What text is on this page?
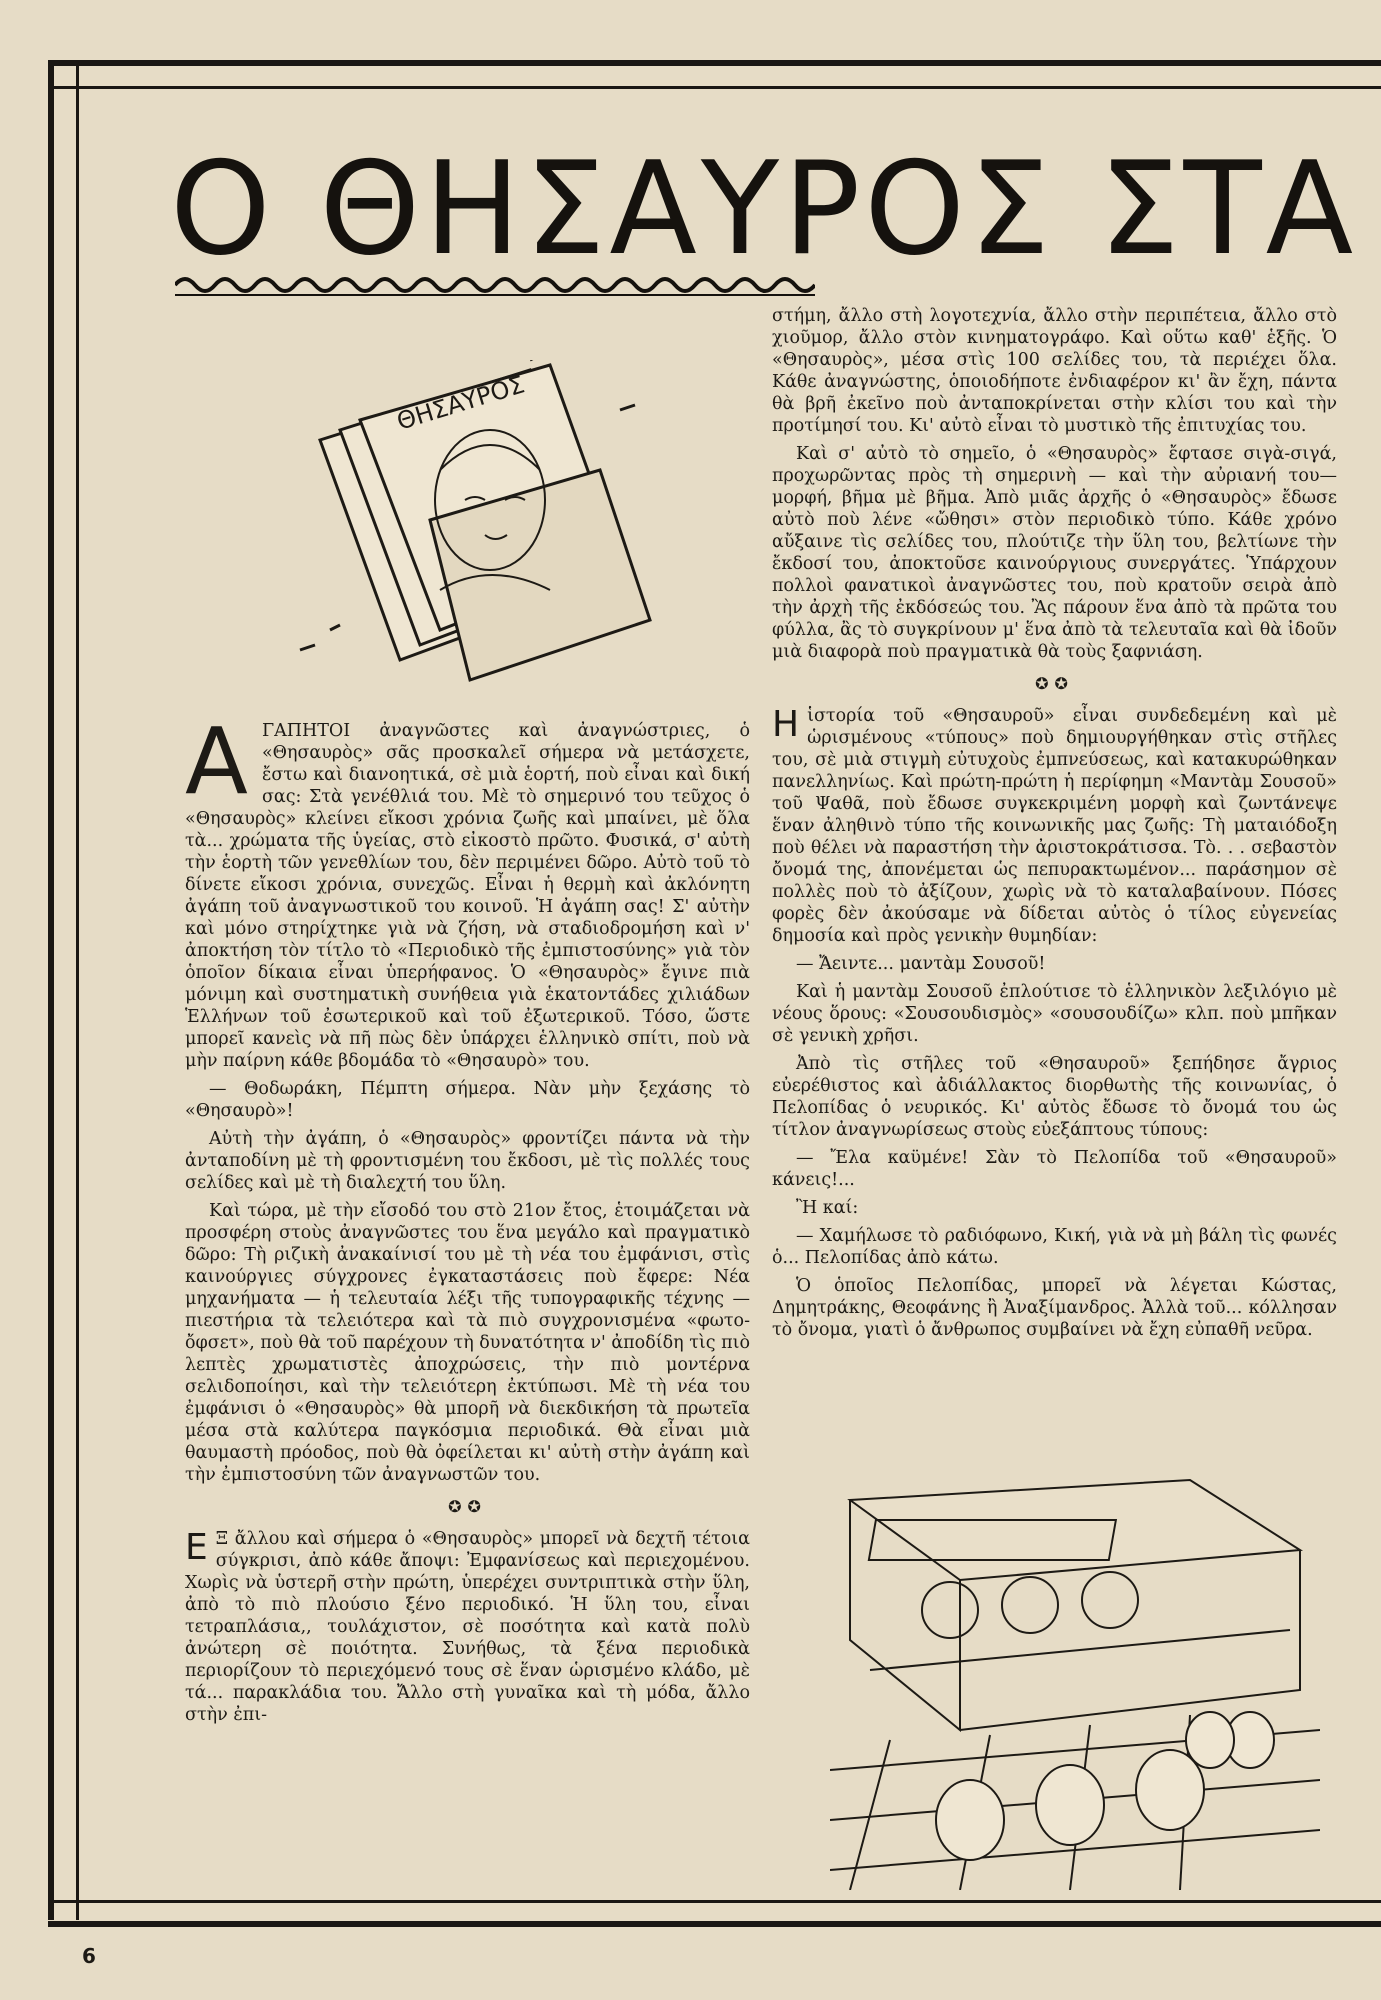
Ο ΘΗΣΑΥΡΟΣ ΣΤΑ
ΘΗΣΑΥΡΟΣ
Α ΓΑΠΗΤΟΙ ἀναγνῶστες καὶ ἀναγνώστριες, ὁ «Θησαυρὸς» σᾶς προσκαλεῖ σήμερα νὰ μετάσχετε, ἔστω καὶ διανοητικά, σὲ μιὰ ἑορτή, ποὺ εἶναι καὶ δική σας: Στὰ γενέθλιά του. Μὲ τὸ σημερινό του τεῦχος ὁ «Θησαυρὸς» κλείνει εἴκοσι χρόνια ζωῆς καὶ μπαίνει, μὲ ὅλα τὰ... χρώματα τῆς ὑγείας, στὸ εἰκοστὸ πρῶτο. Φυσικά, σ' αὐτὴ τὴν ἑορτὴ τῶν γενεθλίων του, δὲν περιμένει δῶρο. Αὐτὸ τοῦ τὸ δίνετε εἴκοσι χρόνια, συνεχῶς. Εἶναι ἡ θερμὴ καὶ ἀκλόνητη ἀγάπη τοῦ ἀναγνωστικοῦ του κοινοῦ. Ἡ ἀγάπη σας! Σ' αὐτὴν καὶ μόνο στηρίχτηκε γιὰ νὰ ζήση, νὰ σταδιοδρομήση καὶ ν' ἀποκτήση τὸν τίτλο τὸ «Περιοδικὸ τῆς ἐμπιστοσύνης» γιὰ τὸν ὁποῖον δίκαια εἶναι ὑπερήφανος. Ὁ «Θησαυρὸς» ἔγινε πιὰ μόνιμη καὶ συστηματικὴ συνήθεια γιὰ ἑκατοντάδες χιλιάδων Ἑλλήνων τοῦ ἐσωτερικοῦ καὶ τοῦ ἐξωτερικοῦ. Τόσο, ὥστε μπορεῖ κανεὶς νὰ πῆ πὼς δὲν ὑπάρχει ἑλληνικὸ σπίτι, ποὺ νὰ μὴν παίρνη κάθε βδομάδα τὸ «Θησαυρὸ» του.

— Θοδωράκη, Πέμπτη σήμερα. Νὰν μὴν ξεχάσης τὸ «Θησαυρὸ»!

Αὐτὴ τὴν ἀγάπη, ὁ «Θησαυρὸς» φροντίζει πάντα νὰ τὴν ἀνταποδίνη μὲ τὴ φροντισμένη του ἔκδοσι, μὲ τὶς πολλές τους σελίδες καὶ μὲ τὴ διαλεχτή του ὕλη.

Καὶ τώρα, μὲ τὴν εἴσοδό του στὸ 21ον ἔτος, ἑτοιμάζεται νὰ προσφέρη στοὺς ἀναγνῶστες του ἕνα μεγάλο καὶ πραγματικὸ δῶρο: Τὴ ριζικὴ ἀνακαίνισί του μὲ τὴ νέα του ἐμφάνισι, στὶς καινούργιες σύγχρονες ἐγκαταστάσεις ποὺ ἔφερε: Νέα μηχανήματα — ἡ τελευταία λέξι τῆς τυπογραφικῆς τέχνης — πιεστήρια τὰ τελειότερα καὶ τὰ πιὸ συγχρονισμένα «φωτο-ὄφσετ», ποὺ θὰ τοῦ παρέχουν τὴ δυνατότητα ν' ἀποδίδη τὶς πιὸ λεπτὲς χρωματιστὲς ἀποχρώσεις, τὴν πιὸ μοντέρνα σελιδοποίησι, καὶ τὴν τελειότερη ἐκτύπωσι. Μὲ τὴ νέα του ἐμφάνισι ὁ «Θησαυρὸς» θὰ μπορῆ νὰ διεκδικήση τὰ πρωτεῖα μέσα στὰ καλύτερα παγκόσμια περιοδικά. Θὰ εἶναι μιὰ θαυμαστὴ πρόοδος, ποὺ θὰ ὀφείλεται κι' αὐτὴ στὴν ἀγάπη καὶ τὴν ἐμπιστοσύνη τῶν ἀναγνωστῶν του.

✪✪
Ε Ξ ἄλλου καὶ σήμερα ὁ «Θησαυρὸς» μπορεῖ νὰ δεχτῆ τέτοια σύγκρισι, ἀπὸ κάθε ἄποψι: Ἐμφανίσεως καὶ περιεχομένου. Χωρὶς νὰ ὑστερῆ στὴν πρώτη, ὑπερέχει συντριπτικὰ στὴν ὕλη, ἀπὸ τὸ πιὸ πλούσιο ξένο περιοδικό. Ἡ ὕλη του, εἶναι τετραπλάσια,, τουλάχιστον, σὲ ποσότητα καὶ κατὰ πολὺ ἀνώτερη σὲ ποιότητα. Συνήθως, τὰ ξένα περιοδικὰ περιορίζουν τὸ περιεχόμενό τους σὲ ἕναν ὡρισμένο κλάδο, μὲ τά... παρακλάδια του. Ἄλλο στὴ γυναῖκα καὶ τὴ μόδα, ἄλλο στὴν ἐπι-

στήμη, ἄλλο στὴ λογοτεχνία, ἄλλο στὴν περιπέτεια, ἄλλο στὸ χιοῦμορ, ἄλλο στὸν κινηματογράφο. Καὶ οὕτω καθ' ἑξῆς. Ὁ «Θησαυρὸς», μέσα στὶς 100 σελίδες του, τὰ περιέχει ὅλα. Κάθε ἀναγνώστης, ὁποιοδήποτε ἐνδιαφέρον κι' ἂν ἔχη, πάντα θὰ βρῆ ἐκεῖνο ποὺ ἀνταποκρίνεται στὴν κλίσι του καὶ τὴν προτίμησί του. Κι' αὐτὸ εἶναι τὸ μυστικὸ τῆς ἐπιτυχίας του.

Καὶ σ' αὐτὸ τὸ σημεῖο, ὁ «Θησαυρὸς» ἔφτασε σιγὰ-σιγά, προχωρῶντας πρὸς τὴ σημερινὴ — καὶ τὴν αὐριανή του—μορφή, βῆμα μὲ βῆμα. Ἀπὸ μιᾶς ἀρχῆς ὁ «Θησαυρὸς» ἔδωσε αὐτὸ ποὺ λένε «ὤθησι» στὸν περιοδικὸ τύπο. Κάθε χρόνο αὔξαινε τὶς σελίδες του, πλούτιζε τὴν ὕλη του, βελτίωνε τὴν ἔκδοσί του, ἀποκτοῦσε καινούργιους συνεργάτες. Ὑπάρχουν πολλοὶ φανατικοὶ ἀναγνῶστες του, ποὺ κρατοῦν σειρὰ ἀπὸ τὴν ἀρχὴ τῆς ἐκδόσεώς του. Ἂς πάρουν ἕνα ἀπὸ τὰ πρῶτα του φύλλα, ἂς τὸ συγκρίνουν μ' ἕνα ἀπὸ τὰ τελευταῖα καὶ θὰ ἰδοῦν μιὰ διαφορὰ ποὺ πραγματικὰ θὰ τοὺς ξαφνιάση.

✪✪
Η ἱστορία τοῦ «Θησαυροῦ» εἶναι συνδεδεμένη καὶ μὲ ὡρισμένους «τύπους» ποὺ δημιουργήθηκαν στὶς στῆλες του, σὲ μιὰ στιγμὴ εὐτυχοὺς ἐμπνεύσεως, καὶ κατακυρώθηκαν πανελληνίως. Καὶ πρώτη-πρώτη ἡ περίφημη «Μαντὰμ Σουσοῦ» τοῦ Ψαθᾶ, ποὺ ἔδωσε συγκεκριμένη μορφὴ καὶ ζωντάνεψε ἕναν ἀληθινὸ τύπο τῆς κοινωνικῆς μας ζωῆς: Τὴ ματαιόδοξη ποὺ θέλει νὰ παραστήση τὴν ἀριστοκράτισσα. Τὸ. . . σεβαστὸν ὄνομά της, ἀπονέμεται ὡς πεπυρακτωμένον... παράσημον σὲ πολλὲς ποὺ τὸ ἀξίζουν, χωρὶς νὰ τὸ καταλαβαίνουν. Πόσες φορὲς δὲν ἀκούσαμε νὰ δίδεται αὐτὸς ὁ τίλος εὐγενείας δημοσία καὶ πρὸς γενικὴν θυμηδίαν:

— Ἄειντε... μαντὰμ Σουσοῦ!

Καὶ ἡ μαντὰμ Σουσοῦ ἐπλούτισε τὸ ἑλληνικὸν λεξιλόγιο μὲ νέους ὅρους: «Σουσουδισμὸς» «σουσουδίζω» κλπ. ποὺ μπῆκαν σὲ γενικὴ χρῆσι.

Ἀπὸ τὶς στῆλες τοῦ «Θησαυροῦ» ξεπήδησε ἄγριος εὐερέθιστος καὶ ἀδιάλλακτος διορθωτὴς τῆς κοινωνίας, ὁ Πελοπίδας ὁ νευρικός. Κι' αὐτὸς ἔδωσε τὸ ὄνομά του ὡς τίτλον ἀναγνωρίσεως στοὺς εὐεξάπτους τύπους:

— Ἔλα καϋμένε! Σὰν τὸ Πελοπίδα τοῦ «Θησαυροῦ» κάνεις!...

Ἢ καί:

— Χαμήλωσε τὸ ραδιόφωνο, Κική, γιὰ νὰ μὴ βάλη τὶς φωνές ὁ... Πελοπίδας ἀπὸ κάτω.

Ὁ ὁποῖος Πελοπίδας, μπορεῖ νὰ λέγεται Κώστας, Δημητράκης, Θεοφάνης ἢ Ἀναξίμανδρος. Ἀλλὰ τοῦ... κόλλησαν τὸ ὄνομα, γιατὶ ὁ ἄνθρωπος συμβαίνει νὰ ἔχη εὐπαθῆ νεῦρα.

6
